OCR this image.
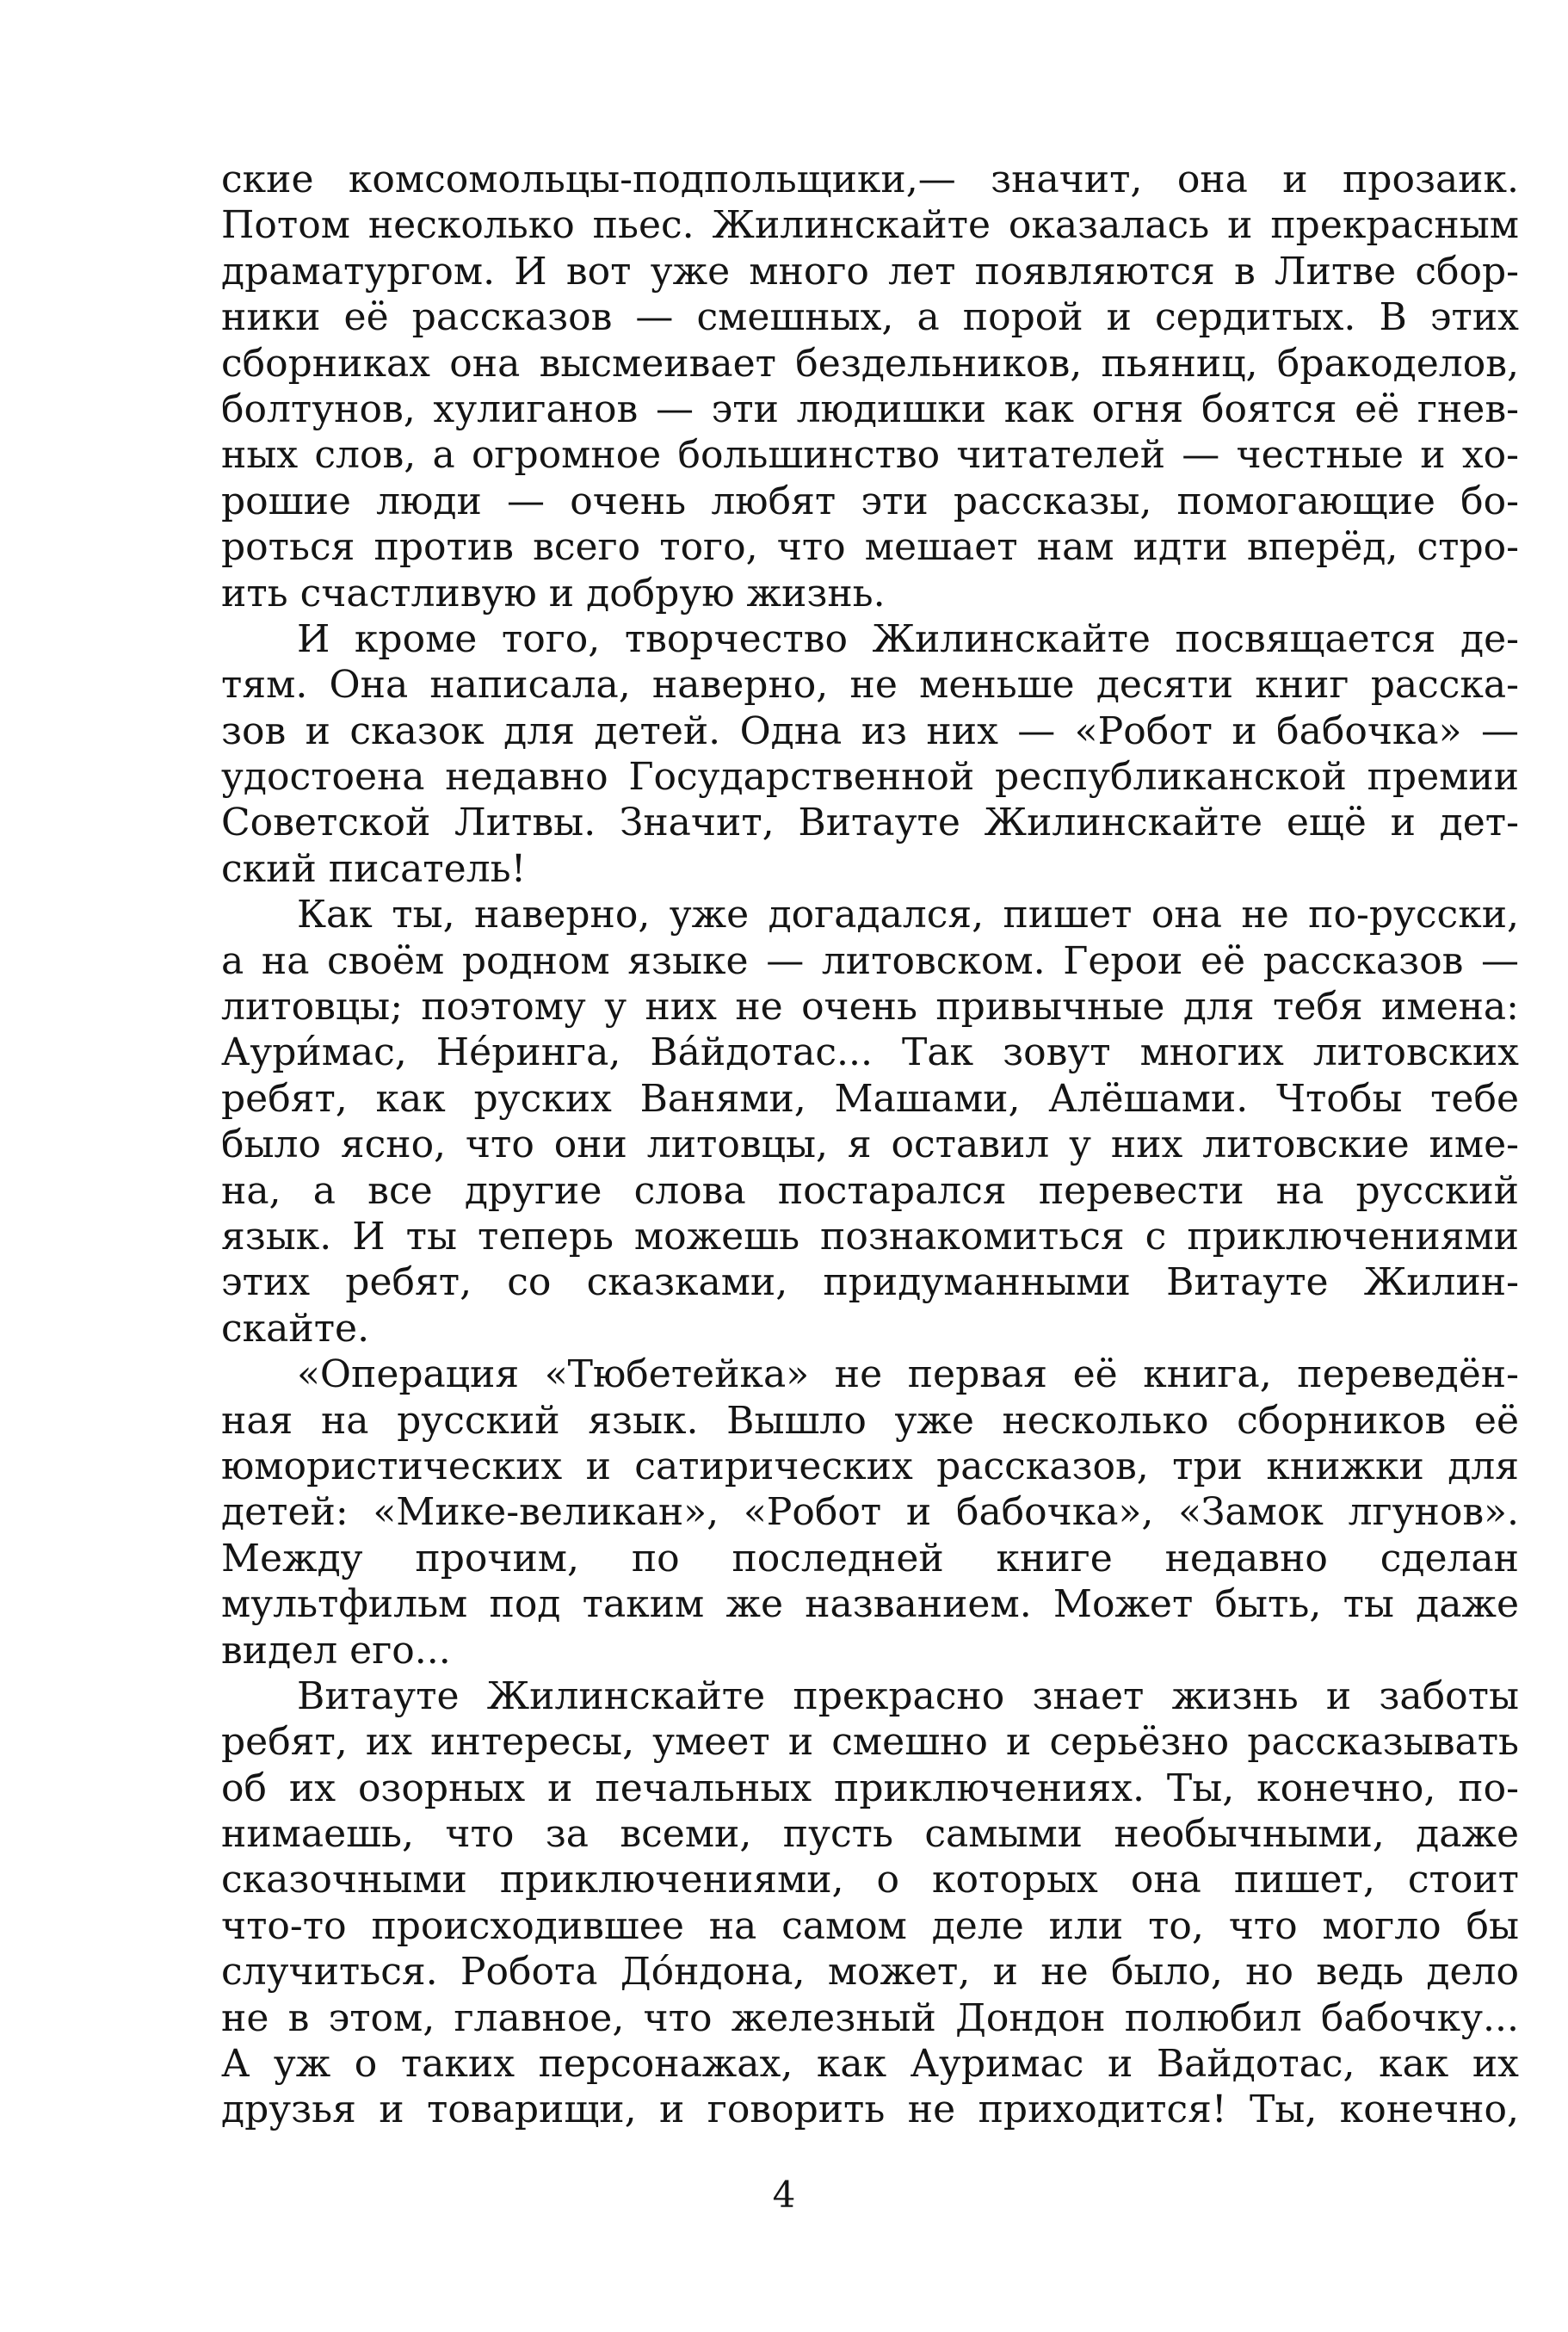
ские комсомольцы-подпольщики,— значит, она и прозаик.
Потом несколько пьес. Жилинскайте оказалась и прекрасным
драматургом. И вот уже много лет появляются в Литве сбор-
ники её рассказов — смешных, а порой и сердитых. В этих
сборниках она высмеивает бездельников, пьяниц, бракоделов,
болтунов, хулиганов — эти людишки как огня боятся её гнев-
ных слов, а огромное большинство читателей — честные и хо-
рошие люди — очень любят эти рассказы, помогающие бо-
роться против всего того, что мешает нам идти вперёд, стро-
ить счастливую и добрую жизнь.
И кроме того, творчество Жилинскайте посвящается де-
тям. Она написала, наверно, не меньше десяти книг расска-
зов и сказок для детей. Одна из них — «Робот и бабочка» —
удостоена недавно Государственной республиканской премии
Советской Литвы. Значит, Витауте Жилинскайте ещё и дет-
ский писатель!
Как ты, наверно, уже догадался, пишет она не по-русски,
а на своём родном языке — литовском. Герои её рассказов —
литовцы; поэтому у них не очень привычные для тебя имена:
Аури́мас, Не́ринга, Ва́йдотас... Так зовут многих литовских
ребят, как руских Ванями, Машами, Алёшами. Чтобы тебе
было ясно, что они литовцы, я оставил у них литовские име-
на, а все другие слова постарался перевести на русский
язык. И ты теперь можешь познакомиться с приключениями
этих ребят, со сказками, придуманными Витауте Жилин-
скайте.
«Операция «Тюбетейка» не первая её книга, переведён-
ная на русский язык. Вышло уже несколько сборников её
юмористических и сатирических рассказов, три книжки для
детей: «Мике-великан», «Робот и бабочка», «Замок лгунов».
Между прочим, по последней книге недавно сделан
мультфильм под таким же названием. Может быть, ты даже
видел его...
Витауте Жилинскайте прекрасно знает жизнь и заботы
ребят, их интересы, умеет и смешно и серьёзно рассказывать
об их озорных и печальных приключениях. Ты, конечно, по-
нимаешь, что за всеми, пусть самыми необычными, даже
сказочными приключениями, о которых она пишет, стоит
что-то происходившее на самом деле или то, что могло бы
случиться. Робота До́ндона, может, и не было, но ведь дело
не в этом, главное, что железный Дондон полюбил бабочку...
А уж о таких персонажах, как Ауримас и Вайдотас, как их
друзья и товарищи, и говорить не приходится! Ты, конечно,
4
